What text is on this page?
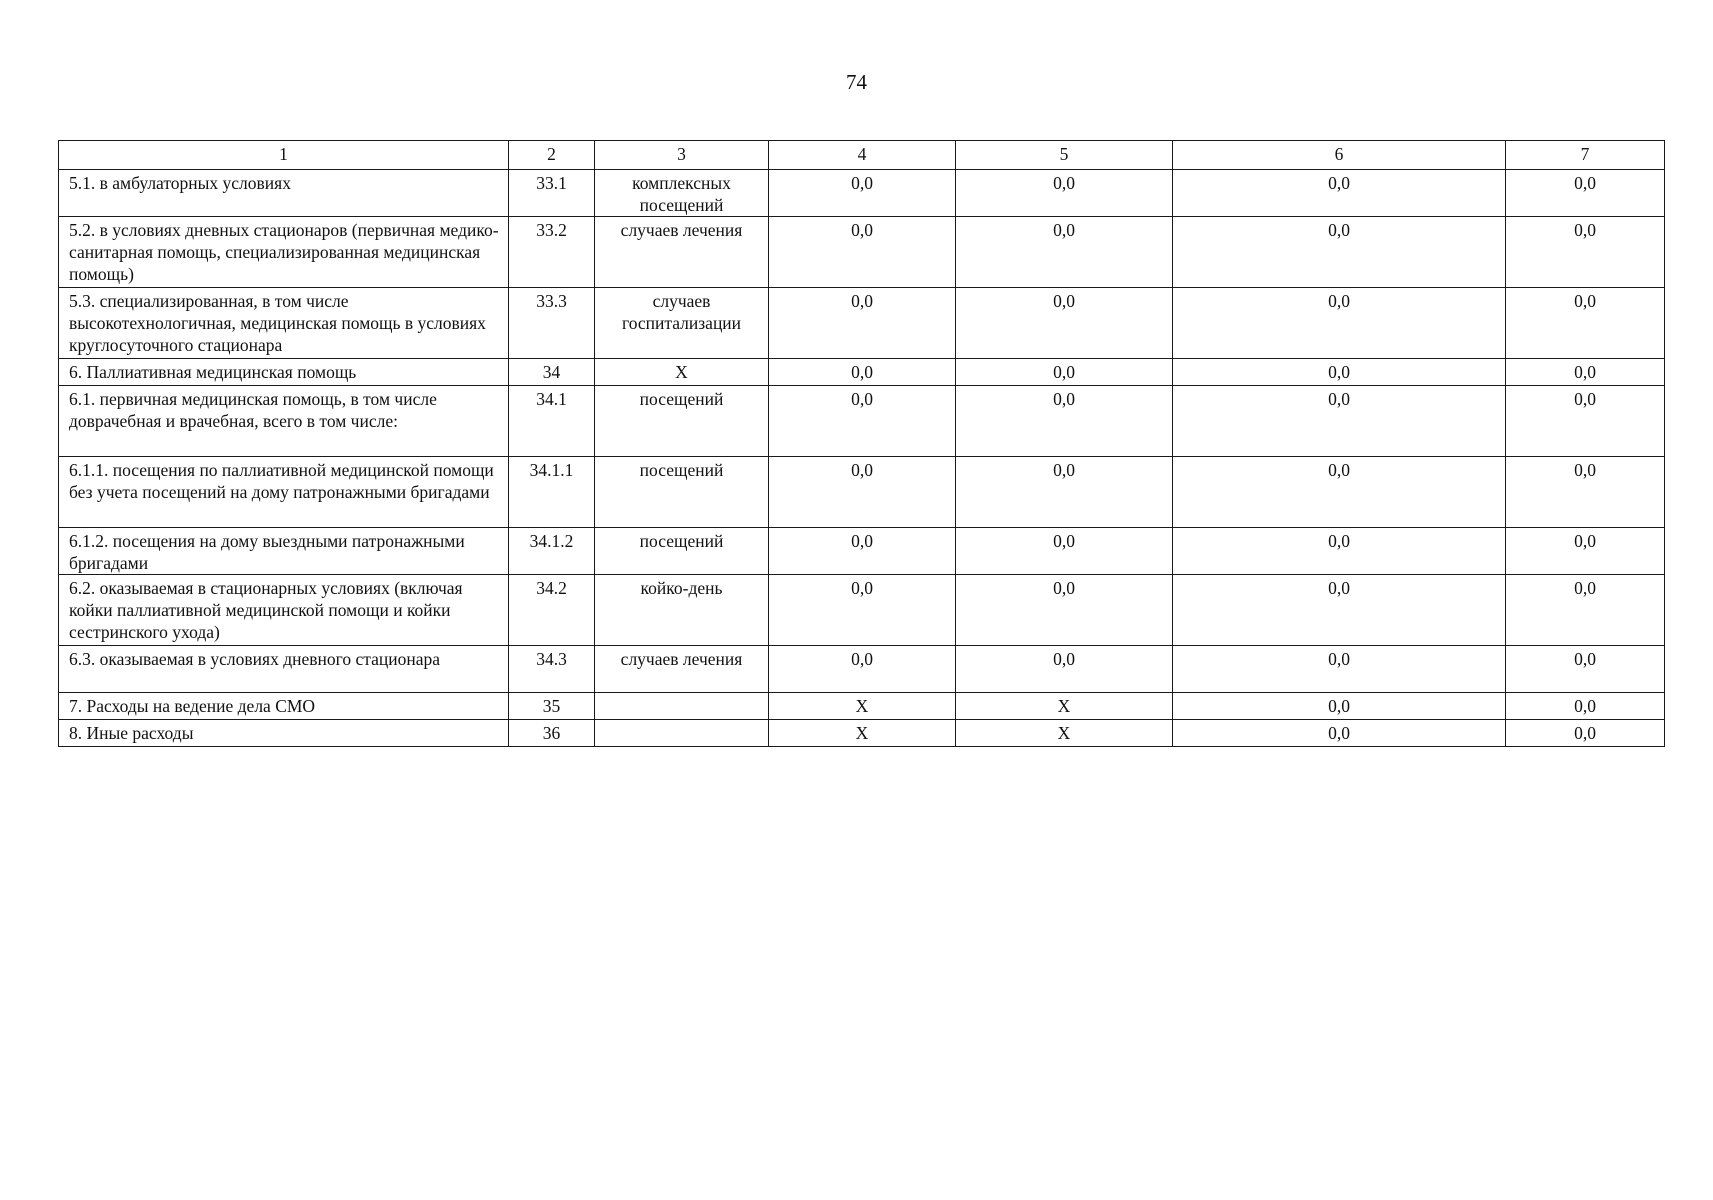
74
1	2	3	4	5	6	7
5.1. в амбулаторных условиях	33.1	комплексных посещений	0,0	0,0	0,0	0,0
5.2. в условиях дневных стационаров (первичная медико-санитарная помощь, специализированная медицинская помощь)	33.2	случаев лечения	0,0	0,0	0,0	0,0
5.3. специализированная, в том числе высокотехнологичная, медицинская помощь в условиях круглосуточного стационара	33.3	случаев госпитализации	0,0	0,0	0,0	0,0
6. Паллиативная медицинская помощь	34	Х	0,0	0,0	0,0	0,0
6.1. первичная медицинская помощь, в том числе доврачебная и врачебная, всего в том числе:	34.1	посещений	0,0	0,0	0,0	0,0
6.1.1. посещения по паллиативной медицинской помощи без учета посещений на дому патронажными бригадами	34.1.1	посещений	0,0	0,0	0,0	0,0
6.1.2. посещения на дому выездными патронажными бригадами	34.1.2	посещений	0,0	0,0	0,0	0,0
6.2. оказываемая в стационарных условиях (включая койки паллиативной медицинской помощи и койки сестринского ухода)	34.2	койко-день	0,0	0,0	0,0	0,0
6.3. оказываемая в условиях дневного стационара	34.3	случаев лечения	0,0	0,0	0,0	0,0
7. Расходы на ведение дела СМО	35		Х	Х	0,0	0,0
8. Иные расходы	36		Х	Х	0,0	0,0
